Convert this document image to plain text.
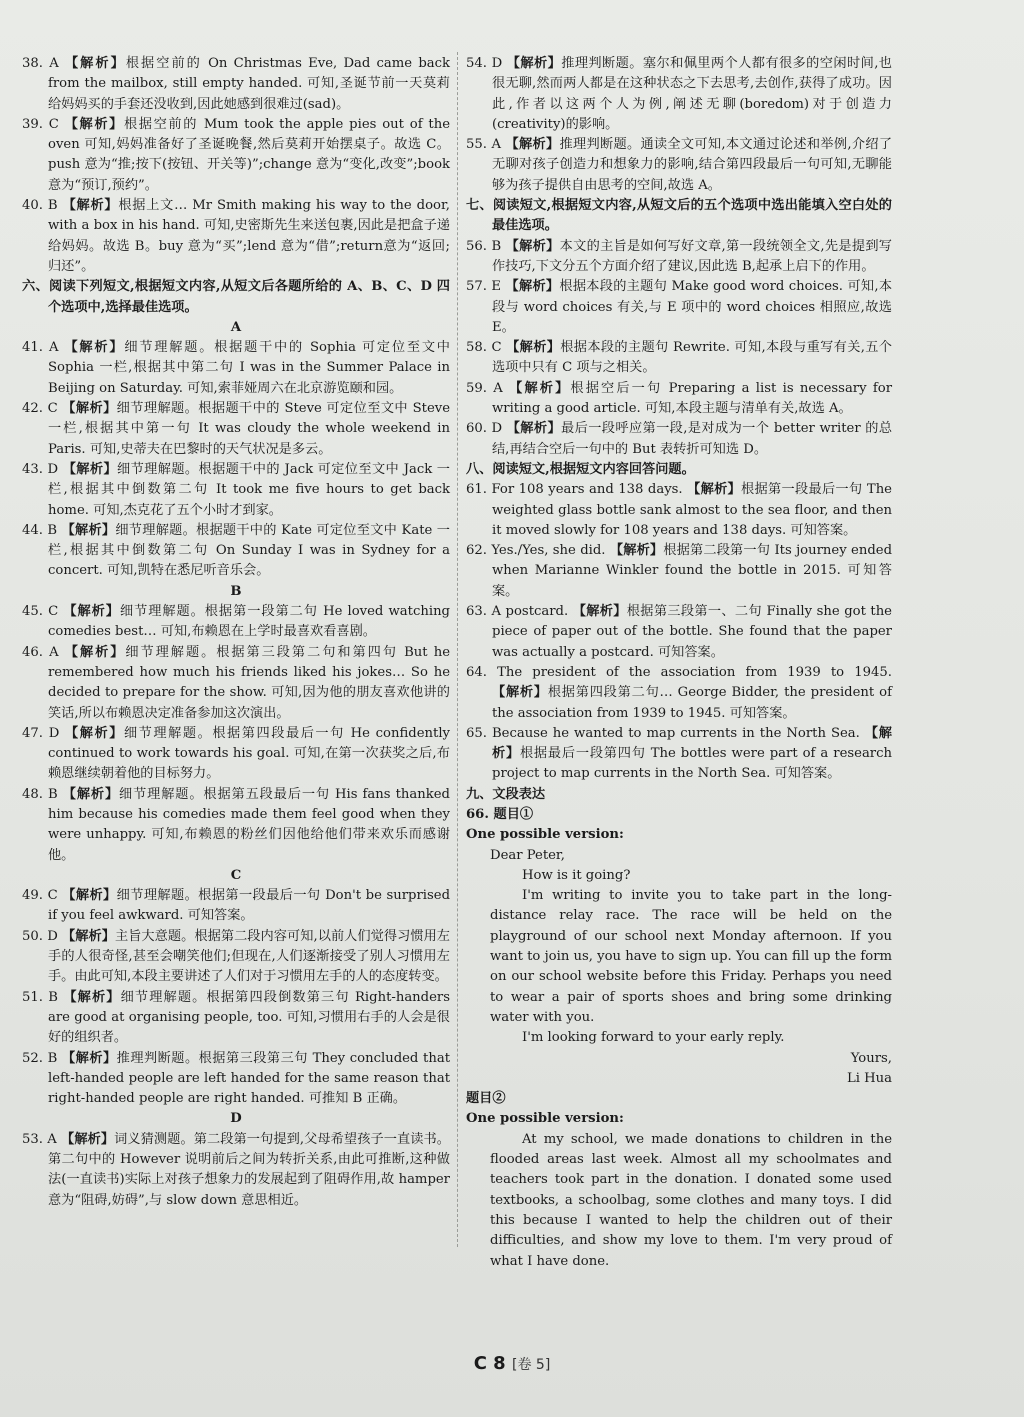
38. A 【解析】根据空前的 On Christmas Eve, Dad came back from the mailbox, still empty handed. 可知,圣诞节前一天莫莉给妈妈买的手套还没收到,因此她感到很难过(sad)。

39. C 【解析】根据空前的 Mum took the apple pies out of the oven 可知,妈妈准备好了圣诞晚餐,然后莫莉开始摆桌子。故选 C。push 意为“推;按下(按钮、开关等)”;change 意为“变化,改变”;book 意为“预订,预约”。

40. B 【解析】根据上文… Mr Smith making his way to the door, with a box in his hand. 可知,史密斯先生来送包裹,因此是把盒子递给妈妈。故选 B。buy 意为“买”;lend 意为“借”;return意为“返回;归还”。

六、阅读下列短文,根据短文内容,从短文后各题所给的 A、B、C、D 四个选项中,选择最佳选项。

A

41. A 【解析】细节理解题。根据题干中的 Sophia 可定位至文中 Sophia 一栏,根据其中第二句 I was in the Summer Palace in Beijing on Saturday. 可知,索菲娅周六在北京游览颐和园。

42. C 【解析】细节理解题。根据题干中的 Steve 可定位至文中 Steve 一栏,根据其中第一句 It was cloudy the whole weekend in Paris. 可知,史蒂夫在巴黎时的天气状况是多云。

43. D 【解析】细节理解题。根据题干中的 Jack 可定位至文中 Jack 一栏,根据其中倒数第二句 It took me five hours to get back home. 可知,杰克花了五个小时才到家。

44. B 【解析】细节理解题。根据题干中的 Kate 可定位至文中 Kate 一栏,根据其中倒数第二句 On Sunday I was in Sydney for a concert. 可知,凯特在悉尼听音乐会。

B

45. C 【解析】细节理解题。根据第一段第二句 He loved watching comedies best… 可知,布赖恩在上学时最喜欢看喜剧。

46. A 【解析】细节理解题。根据第三段第二句和第四句 But he remembered how much his friends liked his jokes… So he decided to prepare for the show. 可知,因为他的朋友喜欢他讲的笑话,所以布赖恩决定准备参加这次演出。

47. D 【解析】细节理解题。根据第四段最后一句 He confidently continued to work towards his goal. 可知,在第一次获奖之后,布赖恩继续朝着他的目标努力。

48. B 【解析】细节理解题。根据第五段最后一句 His fans thanked him because his comedies made them feel good when they were unhappy. 可知,布赖恩的粉丝们因他给他们带来欢乐而感谢他。

C

49. C 【解析】细节理解题。根据第一段最后一句 Don't be surprised if you feel awkward. 可知答案。

50. D 【解析】主旨大意题。根据第二段内容可知,以前人们觉得习惯用左手的人很奇怪,甚至会嘲笑他们;但现在,人们逐渐接受了别人习惯用左手。由此可知,本段主要讲述了人们对于习惯用左手的人的态度转变。

51. B 【解析】细节理解题。根据第四段倒数第三句 Right-handers are good at organising people, too. 可知,习惯用右手的人会是很好的组织者。

52. B 【解析】推理判断题。根据第三段第三句 They concluded that left-handed people are left handed for the same reason that right-handed people are right handed. 可推知 B 正确。

D

53. A 【解析】词义猜测题。第二段第一句提到,父母希望孩子一直读书。第二句中的 However 说明前后之间为转折关系,由此可推断,这种做法(一直读书)实际上对孩子想象力的发展起到了阻碍作用,故 hamper 意为“阻碍,妨碍”,与 slow down 意思相近。

54. D 【解析】推理判断题。塞尔和佩里两个人都有很多的空闲时间,也很无聊,然而两人都是在这种状态之下去思考,去创作,获得了成功。因此,作者以这两个人为例,阐述无聊(boredom)对于创造力(creativity)的影响。

55. A 【解析】推理判断题。通读全文可知,本文通过论述和举例,介绍了无聊对孩子创造力和想象力的影响,结合第四段最后一句可知,无聊能够为孩子提供自由思考的空间,故选 A。

七、阅读短文,根据短文内容,从短文后的五个选项中选出能填入空白处的最佳选项。

56. B 【解析】本文的主旨是如何写好文章,第一段统领全文,先是提到写作技巧,下文分五个方面介绍了建议,因此选 B,起承上启下的作用。

57. E 【解析】根据本段的主题句 Make good word choices. 可知,本段与 word choices 有关,与 E 项中的 word choices 相照应,故选 E。

58. C 【解析】根据本段的主题句 Rewrite. 可知,本段与重写有关,五个选项中只有 C 项与之相关。

59. A 【解析】根据空后一句 Preparing a list is necessary for writing a good article. 可知,本段主题与清单有关,故选 A。

60. D 【解析】最后一段呼应第一段,是对成为一个 better writer 的总结,再结合空后一句中的 But 表转折可知选 D。

八、阅读短文,根据短文内容回答问题。

61. For 108 years and 138 days. 【解析】根据第一段最后一句 The weighted glass bottle sank almost to the sea floor, and then it moved slowly for 108 years and 138 days. 可知答案。

62. Yes./Yes, she did. 【解析】根据第二段第一句 Its journey ended when Marianne Winkler found the bottle in 2015. 可知答案。

63. A postcard. 【解析】根据第三段第一、二句 Finally she got the piece of paper out of the bottle. She found that the paper was actually a postcard. 可知答案。

64. The president of the association from 1939 to 1945. 【解析】根据第四段第二句… George Bidder, the president of the association from 1939 to 1945. 可知答案。

65. Because he wanted to map currents in the North Sea. 【解析】根据最后一段第四句 The bottles were part of a research project to map currents in the North Sea. 可知答案。

九、文段表达

66. 题目①

One possible version:

Dear Peter,

How is it going?

I'm writing to invite you to take part in the long-distance relay race. The race will be held on the playground of our school next Monday afternoon. If you want to join us, you have to sign up. You can fill up the form on our school website before this Friday. Perhaps you need to wear a pair of sports shoes and bring some drinking water with you.

I'm looking forward to your early reply.

Yours,

Li Hua

题目②

One possible version:

At my school, we made donations to children in the flooded areas last week. Almost all my schoolmates and teachers took part in the donation. I donated some used textbooks, a schoolbag, some clothes and many toys. I did this because I wanted to help the children out of their difficulties, and show my love to them. I'm very proud of what I have done.

C 8 [卷 5]
